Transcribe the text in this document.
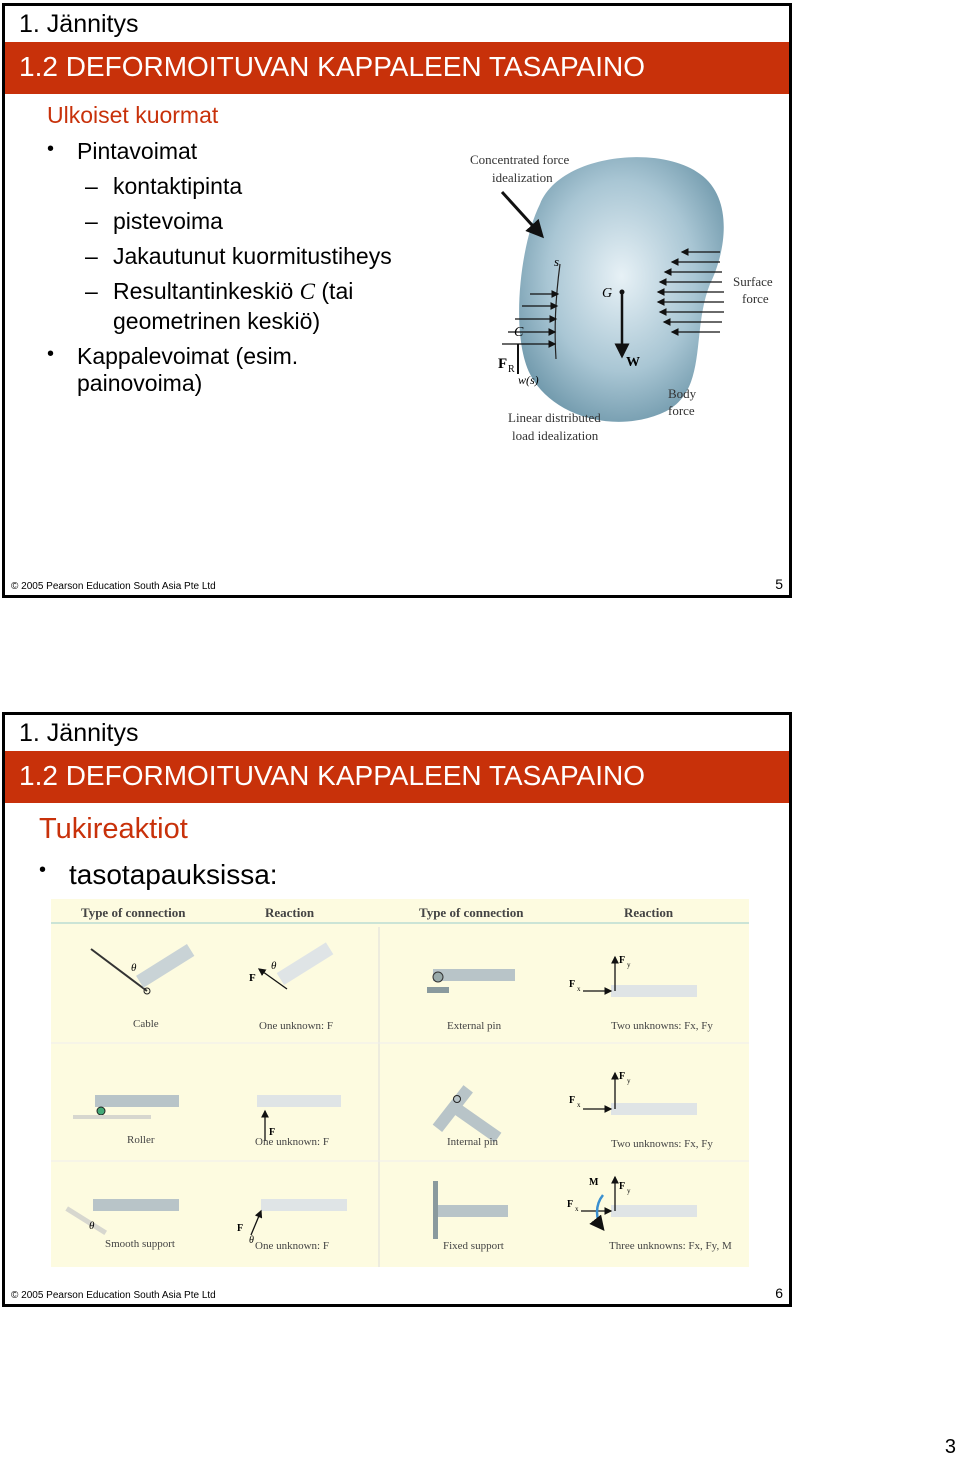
1. Jännitys
1.2 DEFORMOITUVAN KAPPALEEN TASAPAINO
Ulkoiset kuormat
• Pintavoimat
– kontaktipinta
– pistevoima
– Jakautunut kuormitustiheys
– Resultantinkeskiö C (tai
geometrinen keskiö)
• Kappalevoimat (esim.
painovoima)
Concentrated force
idealization
s
G
C
F R
w(s)
W
Surface
force
Body
force
Linear distributed
load idealization
© 2005 Pearson Education South Asia Pte Ltd	5
1. Jännitys
1.2 DEFORMOITUVAN KAPPALEEN TASAPAINO
Tukireaktiot
• tasotapauksissa:
Type of connection	Reaction	Type of connection	Reaction
θ
F
θ	F y
F x
Cable	One unknown: F	External pin	Two unknowns: Fx, Fy
F
F y
F x
Roller	One unknown: F	Internal pin	Two unknowns: Fx, Fy
θ	F
θ
M F y
F x
Smooth support	One unknown: F	Fixed support	Three unknowns: Fx, Fy, M
© 2005 Pearson Education South Asia Pte Ltd	6
3
